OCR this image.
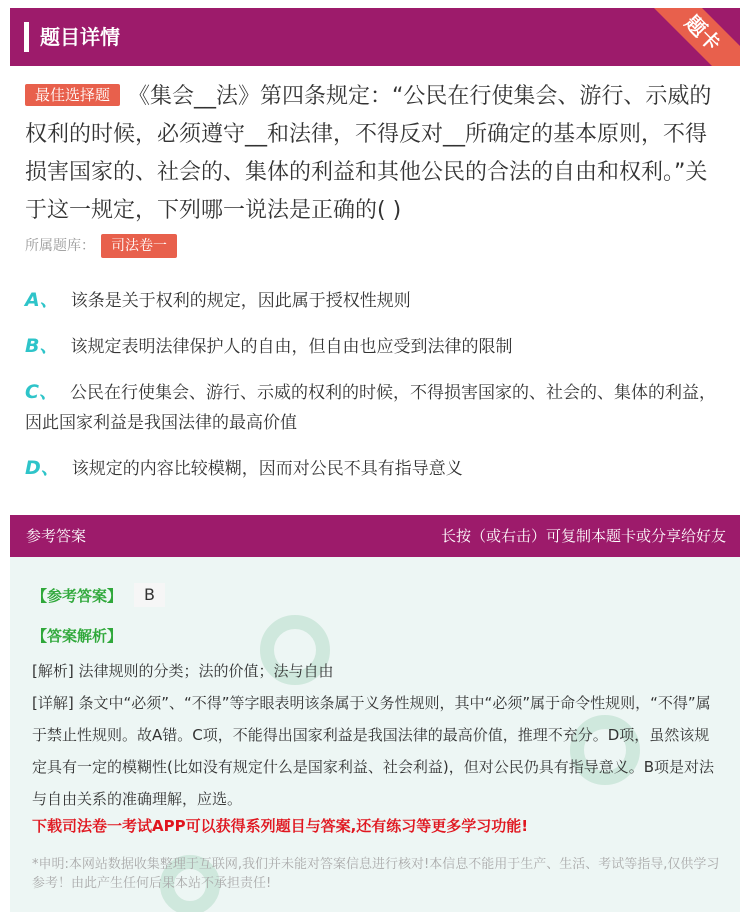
题目详情	题卡
最佳选择题 《集会__法》第四条规定：“公民在行使集会、游行、示威的权利的时候，必须遵守__和法律，不得反对__所确定的基本原则，不得损害国家的、社会的、集体的利益和其他公民的合法的自由和权利。”关于这一规定，下列哪一说法是正确的( )
所属题库： 司法卷一
A、 该条是关于权利的规定，因此属于授权性规则
B、 该规定表明法律保护人的自由，但自由也应受到法律的限制
C、 公民在行使集会、游行、示威的权利的时候，不得损害国家的、社会的、集体的利益，因此国家利益是我国法律的最高价值
D、 该规定的内容比较模糊，因而对公民不具有指导意义
参考答案	长按（或右击）可复制本题卡或分享给好友
【参考答案】	B
【答案解析】
[解析] 法律规则的分类；法的价值；法与自由
[详解] 条文中“必须”、“不得”等字眼表明该条属于义务性规则，其中“必须”属于命令性规则，“不得”属于禁止性规则。故A错。C项，不能得出国家利益是我国法律的最高价值，推理不充分。D项，虽然该规定具有一定的模糊性(比如没有规定什么是国家利益、社会利益)，但对公民仍具有指导意义。B项是对法与自由关系的准确理解，应选。
下载司法卷一考试APP可以获得系列题目与答案,还有练习等更多学习功能!
*申明:本网站数据收集整理于互联网,我们并未能对答案信息进行核对!本信息不能用于生产、生活、考试等指导,仅供学习参考！由此产生任何后果本站不承担责任!
